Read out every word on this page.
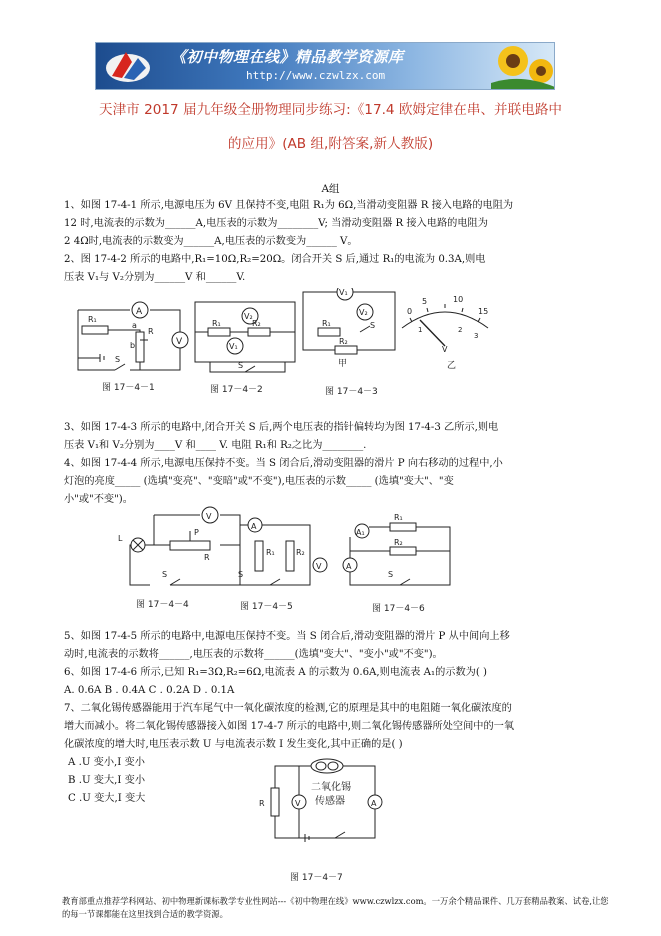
《初中物理在线》精品教学资源库
http://www.czwlzx.com
天津市 2017 届九年级全册物理同步练习:《17.4 欧姆定律在串、并联电路中
的应用》(AB 组,附答案,新人教版)
A组
1、如图 17-4-1 所示,电源电压为 6V 且保持不变,电阻 R₁为 6Ω,当滑动变阻器 R 接入电路的电阻为
12 时,电流表的示数为______A,电压表的示数为________V; 当滑动变阻器 R 接入电路的电阻为
2 4Ω时,电流表的示数变为______A,电压表的示数变为______ V。
2、图 17-4-2 所示的电路中,R₁=10Ω,R₂=20Ω。闭合开关 S 后,通过 R₁的电流为 0.3A,则电
压表 V₁与 V₂分别为______V 和______V.
A
R₁
a
b
R
V
S
图 17－4－1
V₂
R₁	R₂
V₁
S
图 17－4－2
V₁
V₂
R₁
R₂
S
甲
图 17－4－3
0
5	10
15
1	2
3
V
乙
3、如图 17-4-3 所示的电路中,闭合开关 S 后,两个电压表的指针偏转均为图 17-4-3 乙所示,则电
压表 V₁和 V₂分别为____V 和____ V. 电阻 R₁和 R₂之比为________.
4、如图 17-4-4 所示,电源电压保持不变。当 S 闭合后,滑动变阻器的滑片 P 向右移动的过程中,小
灯泡的亮度_____ (选填"变亮"、"变暗"或"不变"),电压表的示数_____ (选填"变大"、"变
小"或"不变")。
V
L
P
R
S
图 17－4－4
A
R₁	R₂
V
S
图 17－4－5
A₁
R₁
R₂
A
S
图 17－4－6
5、如图 17-4-5 所示的电路中,电源电压保持不变。当 S 闭合后,滑动变阻器的滑片 P 从中间向上移
动时,电流表的示数将______,电压表的示数将______(选填"变大"、"变小"或"不变")。
6、如图 17-4-6 所示,已知 R₁=3Ω,R₂=6Ω,电流表 A 的示数为 0.6A,则电流表 A₁的示数为( )
A. 0.6A B . 0.4A C . 0.2A D . 0.1A
7、二氧化锡传感器能用于汽车尾气中一氧化碳浓度的检测,它的原理是其中的电阻随一氧化碳浓度的
增大而减小。将二氧化锡传感器接入如图 17-4-7 所示的电路中,则二氧化锡传感器所处空间中的一氧
化碳浓度的增大时,电压表示数 U 与电流表示数 I 发生变化,其中正确的是( )
A .U 变小,I 变小
B .U 变大,I 变小
C .U 变大,I 变大	R	V	A
二氧化锡
传感器
图 17－4－7
教育部重点推荐学科网站、初中物理新课标教学专业性网站---《初中物理在线》www.czwlzx.com。一万余个精品课件、几万套精品教案、试卷,让您的每一节课都能在这里找到合适的教学资源。
